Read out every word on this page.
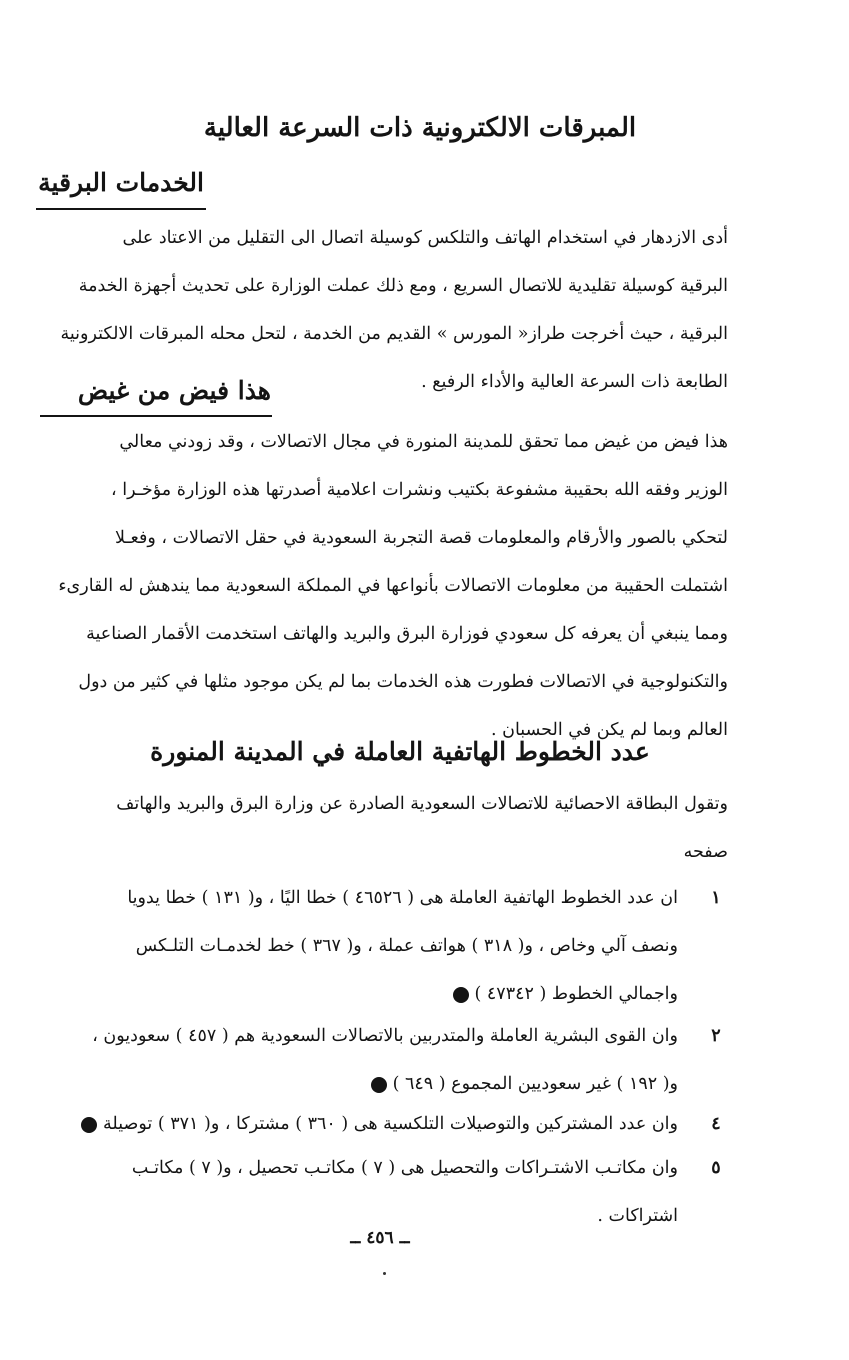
المبرقات الالكترونية ذات السرعة العالية
الخدمات البرقية
أدى الازدهار في استخدام الهاتف والتلكس كوسيلة اتصال الى التقليل من الاعتاد على
البرقية كوسيلة تقليدية للاتصال السريع ، ومع ذلك عملت الوزارة على تحديث أجهزة الخدمة
البرقية ، حيث أخرجت طراز« المورس » القديم من الخدمة ، لتحل محله المبرقات الالكترونية
الطابعة ذات السرعة العالية والأداء الرفيع .
هذا فيض من غيض
هذا فيض من غيض مما تحقق للمدينة المنورة في مجال الاتصالات ، وقد زودني معالي
الوزير وفقه الله بحقيبة مشفوعة بكتيب ونشرات اعلامية أصدرتها هذه الوزارة مؤخـرا ،
لتحكي بالصور والأرقام والمعلومات قصة التجربة السعودية في حقل الاتصالات ، وفعـلا
اشتملت الحقيبة من معلومات الاتصالات بأنواعها في المملكة السعودية مما يندهش له القارىء
ومما ينبغي أن يعرفه كل سعودي فوزارة البرق والبريد والهاتف استخدمت الأقمار الصناعية
والتكنولوجية في الاتصالات فطورت هذه الخدمات بما لم يكن موجود مثلها في كثير من دول
العالم وبما لم يكن في الحسبان .
عدد الخطوط الهاتفية العاملة في المدينة المنورة
وتقول البطاقة الاحصائية للاتصالات السعودية الصادرة عن وزارة البرق والبريد والهاتف
صفحه
١
ان عدد الخطوط الهاتفية العاملة هى ( ٤٦٥٢٦ ) خطا اليًا ، و( ١٣١ ) خطا يدويا
ونصف آلي وخاص ، و( ٣١٨ ) هواتف عملة ، و( ٣٦٧ ) خط لخدمـات التلـكس
واجمالي الخطوط ( ٤٧٣٤٢ )
٢
وان القوى البشرية العاملة والمتدربين بالاتصالات السعودية هم ( ٤٥٧ ) سعوديون ،
و( ١٩٢ ) غير سعوديين المجموع ( ٦٤٩ )
٤
وان عدد المشتركين والتوصيلات التلكسية هى ( ٣٦٠ ) مشتركا ، و( ٣٧١ ) توصيلة
٥
وان مكاتـب الاشتـراكات والتحصيل هى ( ٧ ) مكاتـب تحصيل ، و( ٧ ) مكاتـب
اشتراكات .
ــ ٤٥٦ ــ
